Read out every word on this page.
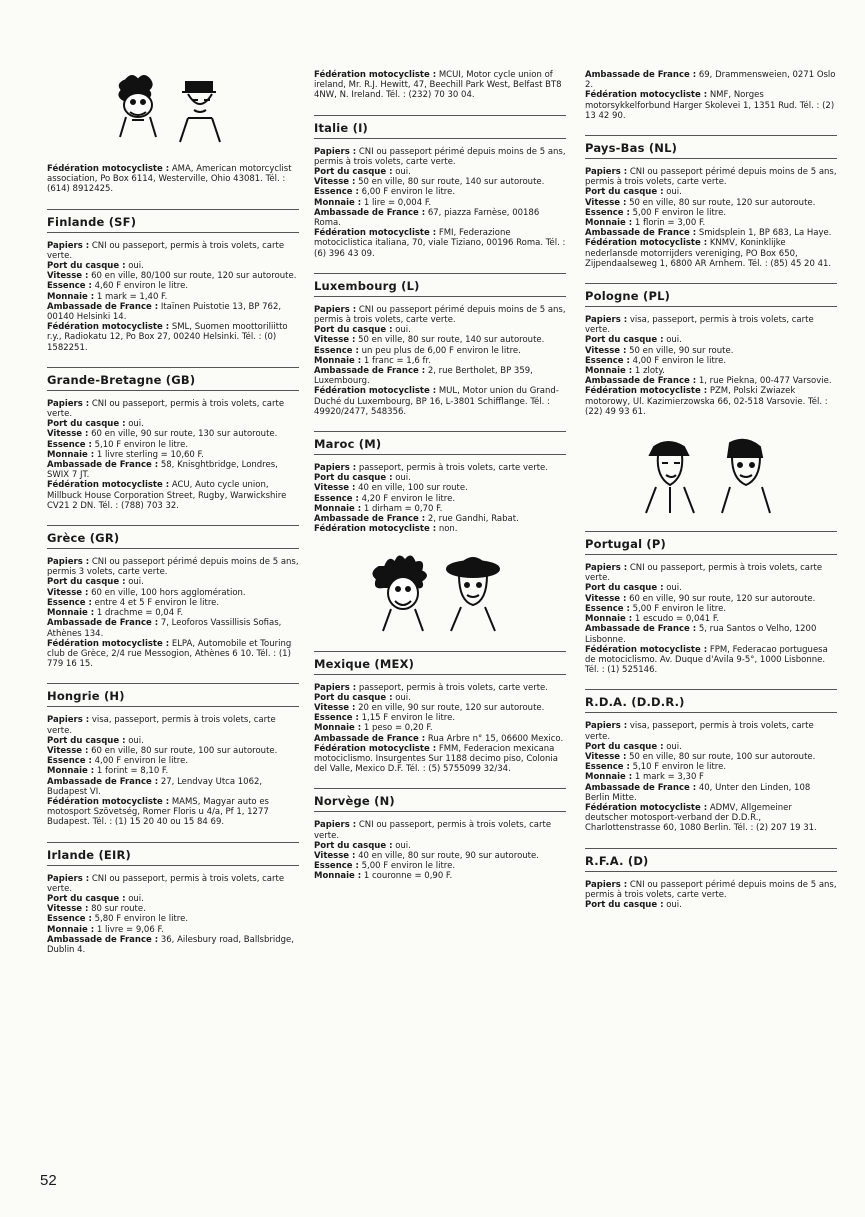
Fédération motocycliste : AMA, American motorcyclist association, Po Box 6114, Westerville, Ohio 43081. Tél. : (614) 8912425.

Finlande (SF)

Papiers : CNI ou passeport, permis à trois volets, carte verte.

Port du casque : oui.

Vitesse : 60 en ville, 80/100 sur route, 120 sur autoroute.

Essence : 4,60 F environ le litre.

Monnaie : 1 mark = 1,40 F.

Ambassade de France : Itaïnen Puistotie 13, BP 762, 00140 Helsinki 14.

Fédération motocycliste : SML, Suomen moottoriliitto r.y., Radiokatu 12, Po Box 27, 00240 Helsinki. Tél. : (0) 1582251.

Grande-Bretagne (GB)

Papiers : CNI ou passeport, permis à trois volets, carte verte.

Port du casque : oui.

Vitesse : 60 en ville, 90 sur route, 130 sur autoroute.

Essence : 5,10 F environ le litre.

Monnaie : 1 livre sterling = 10,60 F.

Ambassade de France : 58, Knisghtbridge, Londres, SWIX 7 JT.

Fédération motocycliste : ACU, Auto cycle union, Millbuck House Corporation Street, Rugby, Warwickshire CV21 2 DN. Tél. : (788) 703 32.

Grèce (GR)

Papiers : CNI ou passeport périmé depuis moins de 5 ans, permis 3 volets, carte verte.

Port du casque : oui.

Vitesse : 60 en ville, 100 hors agglomération.

Essence : entre 4 et 5 F environ le litre.

Monnaie : 1 drachme = 0,04 F.

Ambassade de France : 7, Leoforos Vassillisis Sofias, Athènes 134.

Fédération motocycliste : ELPA, Automobile et Touring club de Grèce, 2/4 rue Messogion, Athènes 6 10. Tél. : (1) 779 16 15.

Hongrie (H)

Papiers : visa, passeport, permis à trois volets, carte verte.

Port du casque : oui.

Vitesse : 60 en ville, 80 sur route, 100 sur autoroute.

Essence : 4,00 F environ le litre.

Monnaie : 1 forint = 8,10 F.

Ambassade de France : 27, Lendvay Utca 1062, Budapest VI.

Fédération motocycliste : MAMS, Magyar auto es motosport Szövetség, Romer Floris u 4/a, Pf 1, 1277 Budapest. Tél. : (1) 15 20 40 ou 15 84 69.

Irlande (EIR)

Papiers : CNI ou passeport, permis à trois volets, carte verte.

Port du casque : oui.

Vitesse : 80 sur route.

Essence : 5,80 F environ le litre.

Monnaie : 1 livre = 9,06 F.

Ambassade de France : 36, Ailesbury road, Ballsbridge, Dublin 4.

Fédération motocycliste : MCUI, Motor cycle union of ireland, Mr. R.J. Hewitt, 47, Beechill Park West, Belfast BT8 4NW, N. Ireland. Tél. : (232) 70 30 04.

Italie (I)

Papiers : CNI ou passeport périmé depuis moins de 5 ans, permis à trois volets, carte verte.

Port du casque : oui.

Vitesse : 50 en ville, 80 sur route, 140 sur autoroute.

Essence : 6,00 F environ le litre.

Monnaie : 1 lire = 0,004 F.

Ambassade de France : 67, piazza Farnèse, 00186 Roma.

Fédération motocycliste : FMI, Federazione motociclistica italiana, 70, viale Tiziano, 00196 Roma. Tél. : (6) 396 43 09.

Luxembourg (L)

Papiers : CNI ou passeport périmé depuis moins de 5 ans, permis à trois volets, carte verte.

Port du casque : oui.

Vitesse : 50 en ville, 80 sur route, 140 sur autoroute.

Essence : un peu plus de 6,00 F environ le litre.

Monnaie : 1 franc = 1,6 fr.

Ambassade de France : 2, rue Bertholet, BP 359, Luxembourg.

Fédération motocycliste : MUL, Motor union du Grand-Duché du Luxembourg, BP 16, L-3801 Schifflange. Tél. : 49920/2477, 548356.

Maroc (M)

Papiers : passeport, permis à trois volets, carte verte.

Port du casque : oui.

Vitesse : 40 en ville, 100 sur route.

Essence : 4,20 F environ le litre.

Monnaie : 1 dirham = 0,70 F.

Ambassade de France : 2, rue Gandhi, Rabat.

Fédération motocycliste : non.

Mexique (MEX)

Papiers : passeport, permis à trois volets, carte verte.

Port du casque : oui.

Vitesse : 20 en ville, 90 sur route, 120 sur autoroute.

Essence : 1,15 F environ le litre.

Monnaie : 1 peso = 0,20 F.

Ambassade de France : Rua Arbre n° 15, 06600 Mexico.

Fédération motocycliste : FMM, Federacion mexicana motociclismo. Insurgentes Sur 1188 decimo piso, Colonia del Valle, Mexico D.F. Tél. : (5) 5755099 32/34.

Norvège (N)

Papiers : CNI ou passeport, permis à trois volets, carte verte.

Port du casque : oui.

Vitesse : 40 en ville, 80 sur route, 90 sur autoroute.

Essence : 5,00 F environ le litre.

Monnaie : 1 couronne = 0,90 F.

Ambassade de France : 69, Drammensweien, 0271 Oslo 2.

Fédération motocycliste : NMF, Norges motorsykkelforbund Harger Skolevei 1, 1351 Rud. Tél. : (2) 13 42 90.

Pays-Bas (NL)

Papiers : CNI ou passeport périmé depuis moins de 5 ans, permis à trois volets, carte verte.

Port du casque : oui.

Vitesse : 50 en ville, 80 sur route, 120 sur autoroute.

Essence : 5,00 F environ le litre.

Monnaie : 1 florin = 3,00 F.

Ambassade de France : Smidsplein 1, BP 683, La Haye.

Fédération motocycliste : KNMV, Koninklijke nederlansde motorrijders vereniging, PO Box 650, Zijpendaalseweg 1, 6800 AR Arnhem. Tél. : (85) 45 20 41.

Pologne (PL)

Papiers : visa, passeport, permis à trois volets, carte verte.

Port du casque : oui.

Vitesse : 50 en ville, 90 sur route.

Essence : 4,00 F environ le litre.

Monnaie : 1 zloty.

Ambassade de France : 1, rue Piekna, 00-477 Varsovie.

Fédération motocycliste : PZM, Polski Zwiazek motorowy, Ul. Kazimierzowska 66, 02-518 Varsovie. Tél. : (22) 49 93 61.

Portugal (P)

Papiers : CNI ou passeport, permis à trois volets, carte verte.

Port du casque : oui.

Vitesse : 60 en ville, 90 sur route, 120 sur autoroute.

Essence : 5,00 F environ le litre.

Monnaie : 1 escudo = 0,041 F.

Ambassade de France : 5, rua Santos o Velho, 1200 Lisbonne.

Fédération motocycliste : FPM, Federacao portuguesa de motociclismo. Av. Duque d'Avila 9-5°, 1000 Lisbonne. Tél. : (1) 525146.

R.D.A. (D.D.R.)

Papiers : visa, passeport, permis à trois volets, carte verte.

Port du casque : oui.

Vitesse : 50 en ville, 80 sur route, 100 sur autoroute.

Essence : 5,10 F environ le litre.

Monnaie : 1 mark = 3,30 F

Ambassade de France : 40, Unter den Linden, 108 Berlin Mitte.

Fédération motocycliste : ADMV, Allgemeiner deutscher motosport-verband der D.D.R., Charlottenstrasse 60, 1080 Berlin. Tél. : (2) 207 19 31.

R.F.A. (D)

Papiers : CNI ou passeport périmé depuis moins de 5 ans, permis à trois volets, carte verte.

Port du casque : oui.

52
